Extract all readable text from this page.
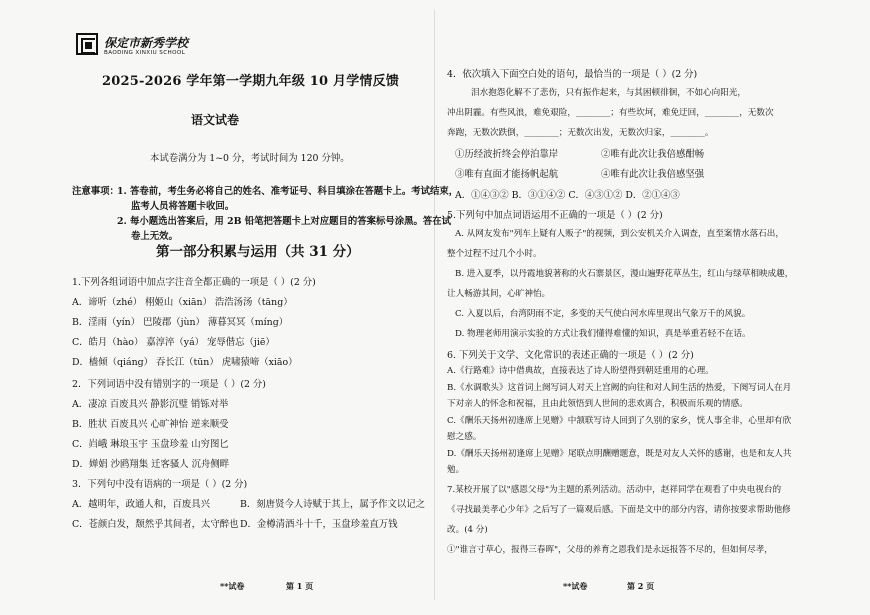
保定市新秀学校
BAODING XINXIU SCHOOL
2025-2026 学年第一学期九年级 10 月学情反馈
语文试卷
本试卷满分为 1~0 分，考试时间为 120 分钟。
注意事项：
1. 答卷前，考生务必将自己的姓名、准考证号、科目填涂在答题卡上。考试结束，
监考人员将答题卡收回。
2. 每小题选出答案后，用 2B 铅笔把答题卡上对应题目的答案标号涂黑。答在试
卷上无效。
第一部分积累与运用（共 31 分）
1.下列各组词语中加点字注音全都正确的一项是（ ）(2 分)
A．谛听（zhé） 栩姬山（xiān） 浩浩汤汤（tāng）
B．淫雨（yín） 巴陵郡（jùn） 薄暮冥冥（míng）
C．皓月（hào） 嘉淳淬（yá） 宠辱偕忘（jiē）
D．樯倾（qiáng） 吞长江（tūn） 虎啸猿啼（xiāo）
2．下列词语中没有错别字的一项是（ ）(2 分)
A．凄凉 百废具兴 静影沉璧 销铄对举
B．胜状 百废具兴 心旷神怡 逆来顺受
C．岿峨 琳琅玉宇 玉盘珍羞 山穷图匕
D．婵娟 沙鸥翔集 迁客骚人 沉舟侧畔
3．下列句中没有语病的一项是（ ）(2 分)
A．越明年，政通人和，百废具兴	B．刻唐贤今人诗赋于其上，属予作文以记之
C．苍颜白发，颓然乎其间者，太守醉也 D．金樽清酒斗十千，玉盘珍羞直万钱
**试卷	第 1 页
4．依次填入下面空白处的语句，最恰当的一项是（ ）(2 分)
泪水抱怨化解不了悲伤，只有振作起来，与其困顿徘徊，不如心向阳光，
冲出阴霾。有些风浪，难免艰险，________；有些坎坷，难免迂回，________，无数次
奔跑，无数次跌倒，________；无数次出发，无数次归家，________。
①历经波折终会停泊靠岸	②唯有此次让我倍感酣畅
③唯有直面才能扬帆起航	④唯有此次让我倍感坚强
A．①④③② B．③①④② C．④③①② D．②①④③
5.下列句中加点词语运用不正确的一项是（ ）(2 分)
A. 从网友发布"列车上疑有人贩子"的视频，到公安机关介入调查，直至案情水落石出，
整个过程不过几个小时。
B. 进入夏季，以丹霞地貌著称的火石寨景区，漫山遍野花草丛生，红山与绿草相映成趣，
让人畅游其间，心旷神怡。
C. 入夏以后，台湾阴雨不定，多变的天气使白河水库里现出气象万千的风貌。
D. 物理老师用演示实验的方式让我们懂得难懂的知识，真是举重若轻不在话。
6. 下列关于文学、文化常识的表述正确的一项是（ ）(2 分)
A.《行路难》诗中借典故，直接表达了诗人盼望得到朝廷重用的心理。
B.《水调歌头》这首词上阕写词人对天上宫阙的向往和对人间生活的热爱，下阕写词人在月
下对亲人的怀念和祝福，且由此领悟到人世间的悲欢离合，积极而乐观的情感。
C.《酬乐天扬州初逢席上见赠》中颔联写诗人回到了久别的家乡，恍人事全非，心里却有欣
慰之感。
D.《酬乐天扬州初逢席上见赠》尾联点明酬赠题意，既是对友人关怀的感谢，也是和友人共
勉。
7.某校开展了以"感恩父母"为主题的系列活动。活动中，赵祥同学在观看了中央电视台的
《寻找最美孝心少年》之后写了一篇观后感。下面是文中的部分内容，请你按要求帮助他修
改。(4 分)
①"谁言寸草心，报得三春晖"，父母的养育之恩我们是永远报答不尽的，但如何尽孝，
**试卷	第 2 页
